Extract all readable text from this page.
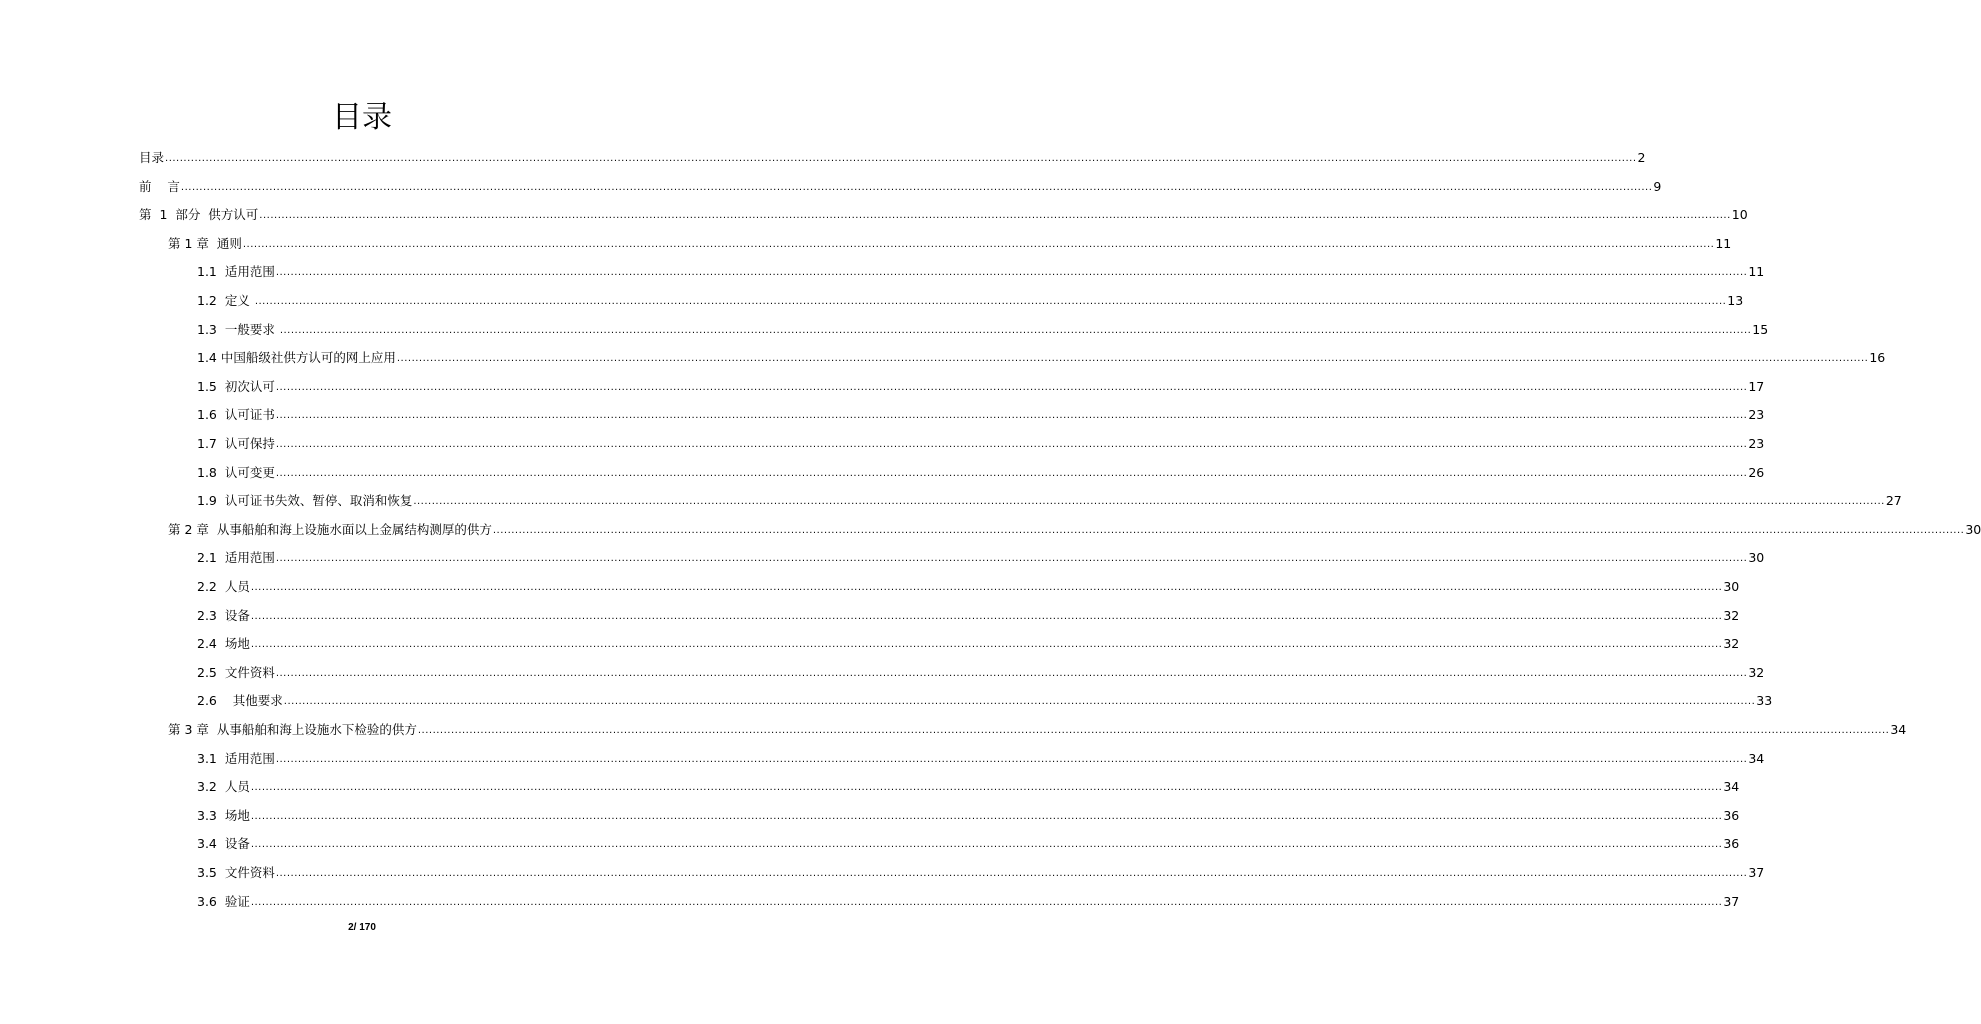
目录
目录 ................................................................................................................................................................................................................................................................................................................................................................................................................ 2
前    言 ................................................................................................................................................................................................................................................................................................................................................................................................................ 9
第  1  部分  供方认可 ................................................................................................................................................................................................................................................................................................................................................................................................................ 10
第 1 章  通则 ................................................................................................................................................................................................................................................................................................................................................................................................................ 11
1.1  适用范围 ................................................................................................................................................................................................................................................................................................................................................................................................................ 11
1.2  定义 ................................................................................................................................................................................................................................................................................................................................................................................................................ 13
1.3  一般要求 ................................................................................................................................................................................................................................................................................................................................................................................................................ 15
1.4 中国船级社供方认可的网上应用 ................................................................................................................................................................................................................................................................................................................................................................................................................ 16
1.5  初次认可 ................................................................................................................................................................................................................................................................................................................................................................................................................ 17
1.6  认可证书 ................................................................................................................................................................................................................................................................................................................................................................................................................ 23
1.7  认可保持 ................................................................................................................................................................................................................................................................................................................................................................................................................ 23
1.8  认可变更 ................................................................................................................................................................................................................................................................................................................................................................................................................ 26
1.9  认可证书失效、暂停、取消和恢复 ................................................................................................................................................................................................................................................................................................................................................................................................................ 27
第 2 章  从事船舶和海上设施水面以上金属结构测厚的供方 ................................................................................................................................................................................................................................................................................................................................................................................................................ 30
2.1  适用范围 ................................................................................................................................................................................................................................................................................................................................................................................................................ 30
2.2  人员 ................................................................................................................................................................................................................................................................................................................................................................................................................ 30
2.3  设备 ................................................................................................................................................................................................................................................................................................................................................................................................................ 32
2.4  场地 ................................................................................................................................................................................................................................................................................................................................................................................................................ 32
2.5  文件资料 ................................................................................................................................................................................................................................................................................................................................................................................................................ 32
2.6    其他要求 ................................................................................................................................................................................................................................................................................................................................................................................................................ 33
第 3 章  从事船舶和海上设施水下检验的供方 ................................................................................................................................................................................................................................................................................................................................................................................................................ 34
3.1  适用范围 ................................................................................................................................................................................................................................................................................................................................................................................................................ 34
3.2  人员 ................................................................................................................................................................................................................................................................................................................................................................................................................ 34
3.3  场地 ................................................................................................................................................................................................................................................................................................................................................................................................................ 36
3.4  设备 ................................................................................................................................................................................................................................................................................................................................................................................................................ 36
3.5  文件资料 ................................................................................................................................................................................................................................................................................................................................................................................................................ 37
3.6  验证 ................................................................................................................................................................................................................................................................................................................................................................................................................ 37
2/ 170
